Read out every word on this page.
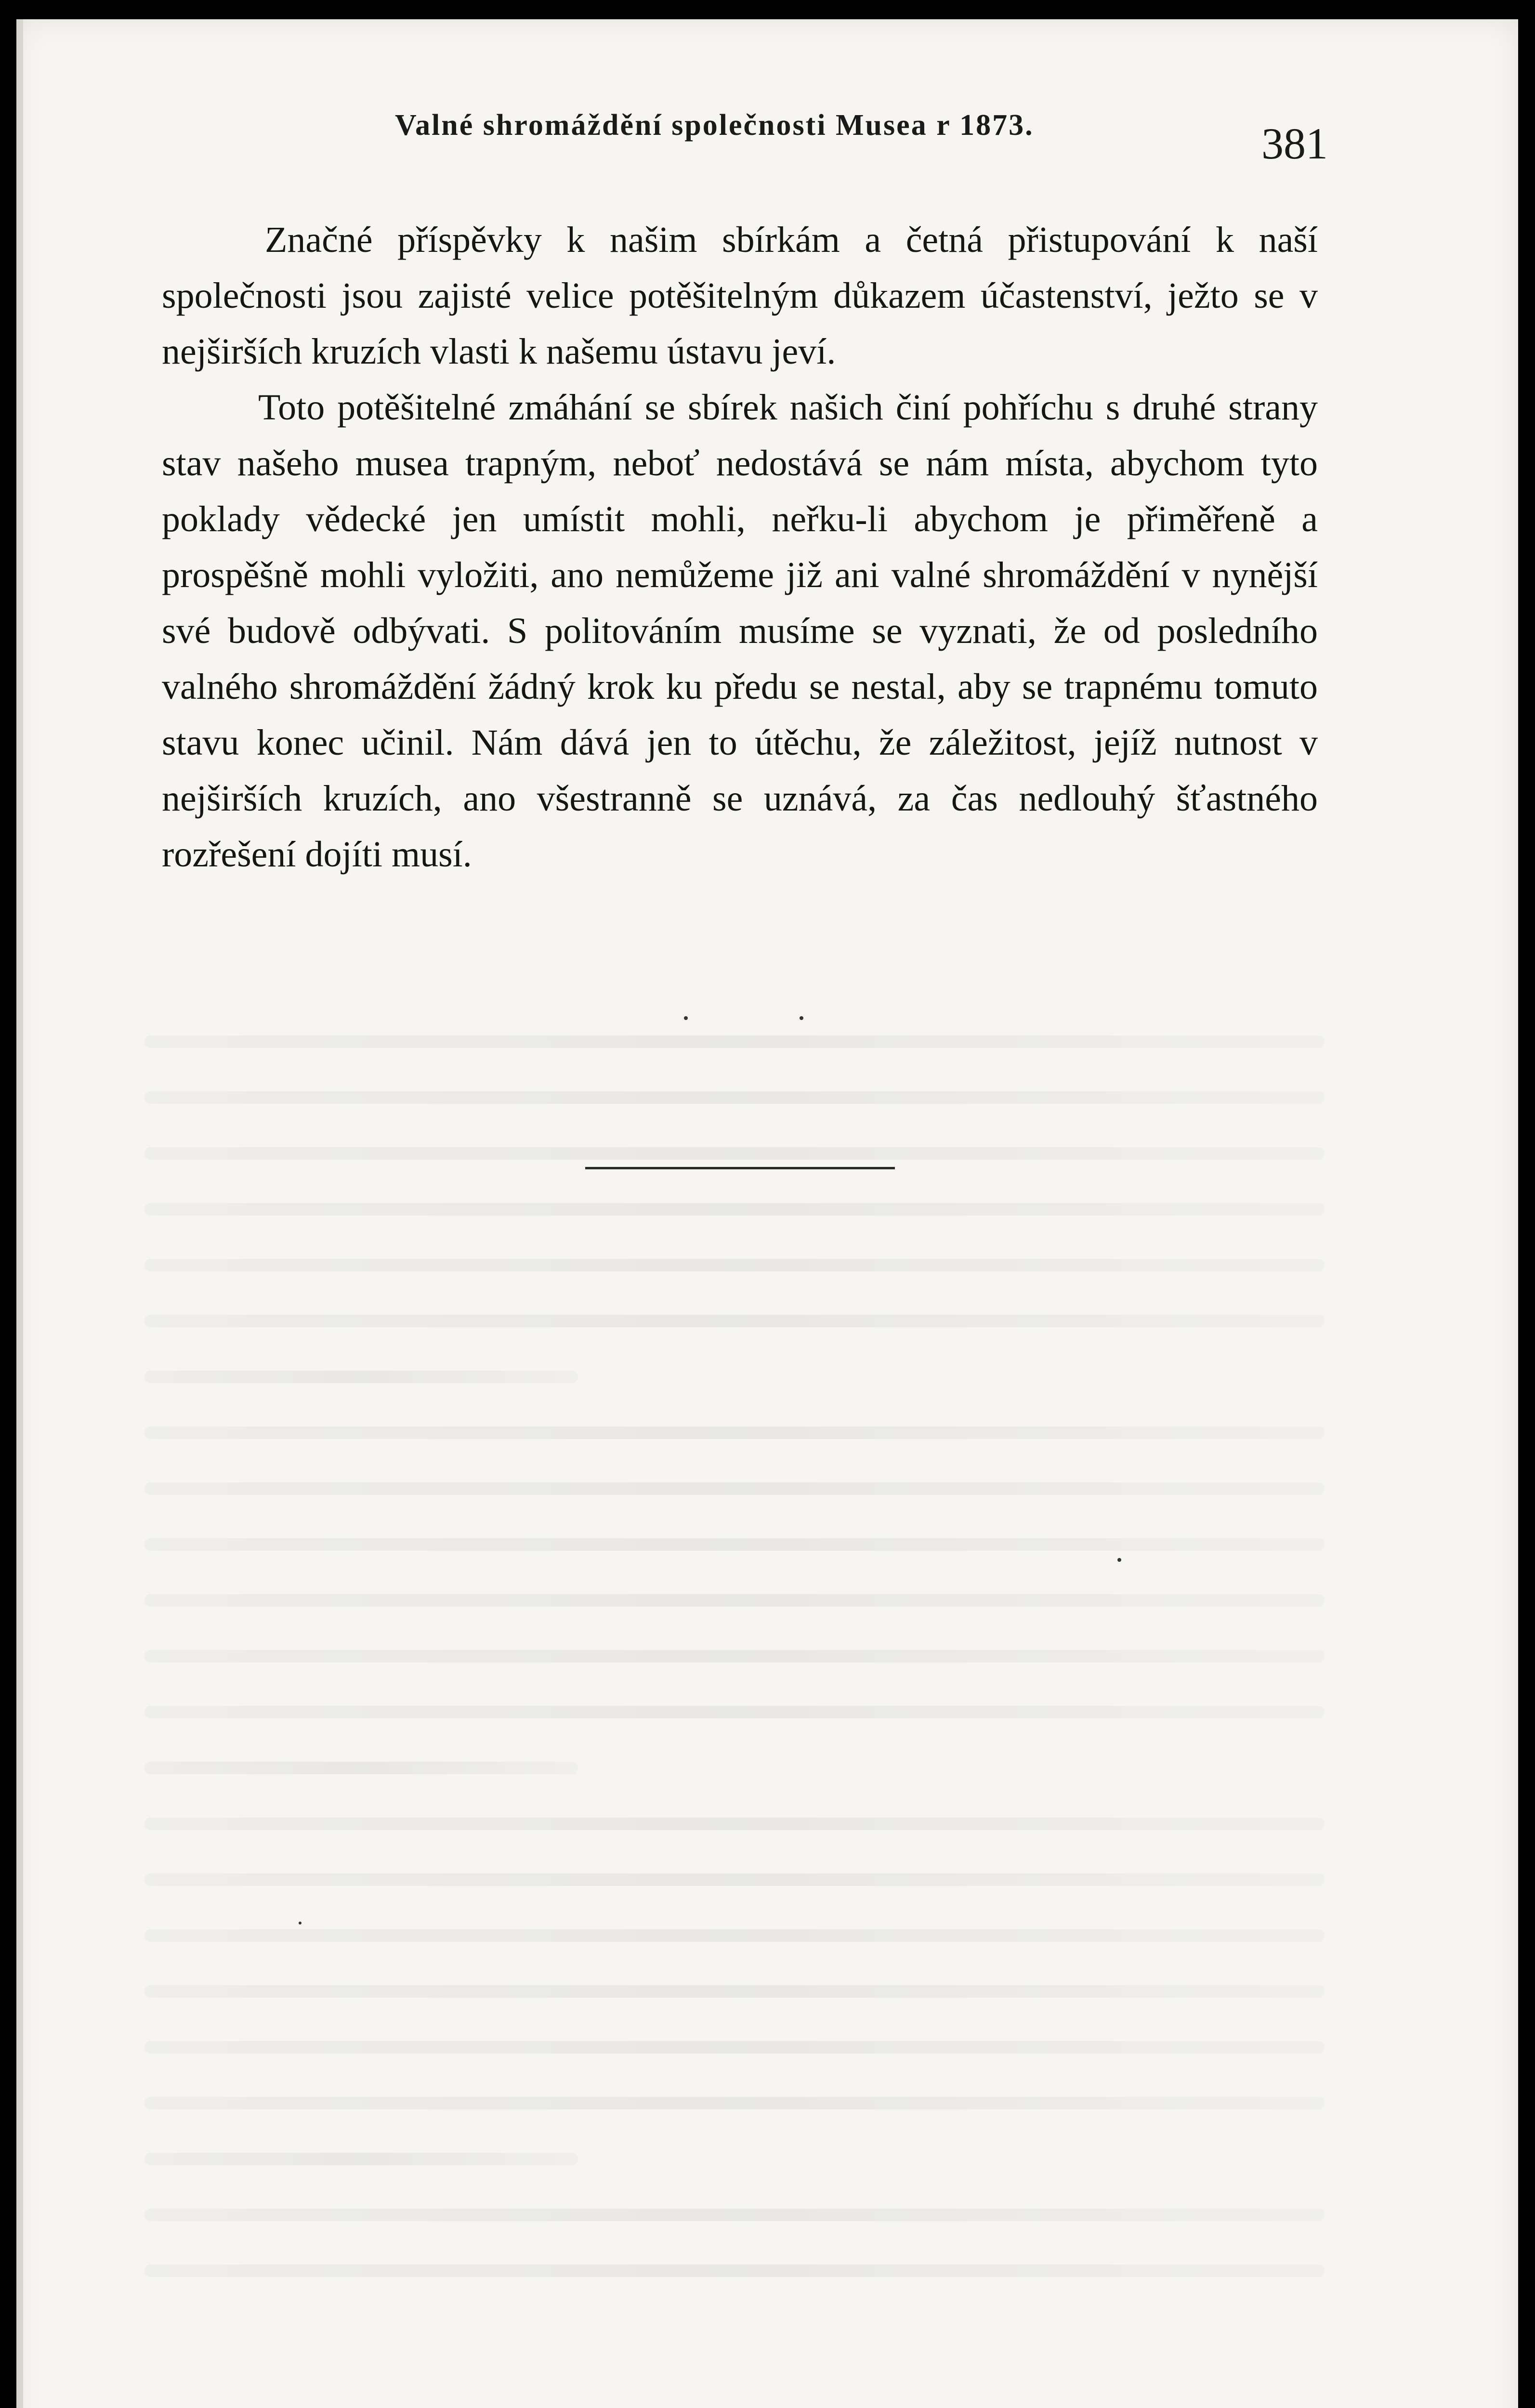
Valné shromáždění společnosti Musea r 1873.	381

Značné příspěvky k našim sbírkám a četná přistupování k naší společnosti jsou zajisté velice potěšitelným důkazem účastenství, ježto se v nejširších kruzích vlasti k našemu ústavu jeví.

Toto potěšitelné zmáhání se sbírek našich činí pohříchu s druhé strany stav našeho musea trapným, neboť nedostává se nám místa, abychom tyto poklady vědecké jen umístit mohli, neřku-li abychom je přiměřeně a prospěšně mohli vyložiti, ano nemůžeme již ani valné shromáždění v nynější své budově odbývati. S politováním musíme se vyznati, že od posledního valného shromáždění žádný krok ku předu se nestal, aby se trapnému tomuto stavu konec učinil. Nám dává jen to útěchu, že záležitost, jejíž nutnost v nejširších kruzích, ano všestranně se uznává, za čas nedlouhý šťastného rozřešení dojíti musí.
